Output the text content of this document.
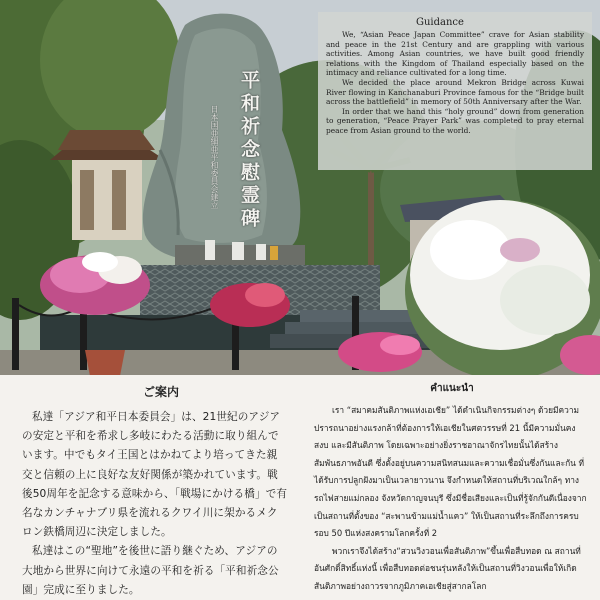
平和祈念慰霊碑
日本国亜細亜平和委員会建立
Guidance

We, “Asian Peace Japan Committee” crave for Asian stability and peace in the 21st Century and are grappling with various activities. Among Asian countries, we have built good friendly relations with the Kingdom of Thailand especially based on the intimacy and reliance cultivated for a long time.

We decided the place around Mekron Bridge across Kuwai River flowing in Kanchanaburi Province famous for the “Bridge built across the battlefield” in memory of 50th Anniversary after the War.

In order that we hand this “holy ground” down from generation to generation, “Peace Prayer Park” was completed to pray eternal peace from Asian ground to the world.

ご案内

私達「アジア和平日本委員会」は、21世紀のアジアの安定と平和を希求し多岐にわたる活動に取り組んでいます。中でもタイ王国とはかねてより培ってきた親交と信頼の上に良好な友好関係が築かれています。戦後50周年を記念する意味から、「戦場にかける橋」で有名なカンチャナブリ県を流れるクワイ川に架かるメクロン鉄橋周辺に決定しました。

私達はこの“聖地”を後世に語り継ぐため、アジアの大地から世界に向けて永遠の平和を祈る「平和祈念公園」完成に至りました。

คำแนะนำ

เรา “สมาคมสันติภาพแห่งเอเชีย” ได้ดำเนินกิจกรรมต่างๆ ด้วยมีความปรารถนาอย่างแรงกล้าที่ต้องการให้เอเชียในศตวรรษที่ 21 นี้มีความมั่นคง สงบ และมีสันติภาพ โดยเฉพาะอย่างยิ่งราชอาณาจักรไทยนั้นได้สร้างสัมพันธภาพอันดี ซึ่งตั้งอยู่บนความสนิทสนมและความเชื่อมั่นซึ่งกันและกัน ที่ได้รับการปลูกฝังมาเป็นเวลายาวนาน จึงกำหนดให้สถานที่บริเวณใกล้ๆ ทางรถไฟสายแม่กลอง จังหวัดกาญจนบุรี ซึ่งมีชื่อเสียงและเป็นที่รู้จักกันดีเนื่องจากเป็นสถานที่ตั้งของ “สะพานข้ามแม่น้ำแคว” ให้เป็นสถานที่ระลึกถึงการครบรอบ 50 ปีแห่งสงครามโลกครั้งที่ 2

พวกเราจึงได้สร้าง“สวนวิงวอนเพื่อสันติภาพ”ขึ้นเพื่อสืบทอด ณ สถานที่อันศักดิ์สิทธิ์แห่งนี้ เพื่อสืบทอดต่อชนรุ่นหลังให้เป็นสถานที่วิงวอนเพื่อให้เกิดสันติภาพอย่างถาวรจากภูมิภาคเอเชียสู่สากลโลก
